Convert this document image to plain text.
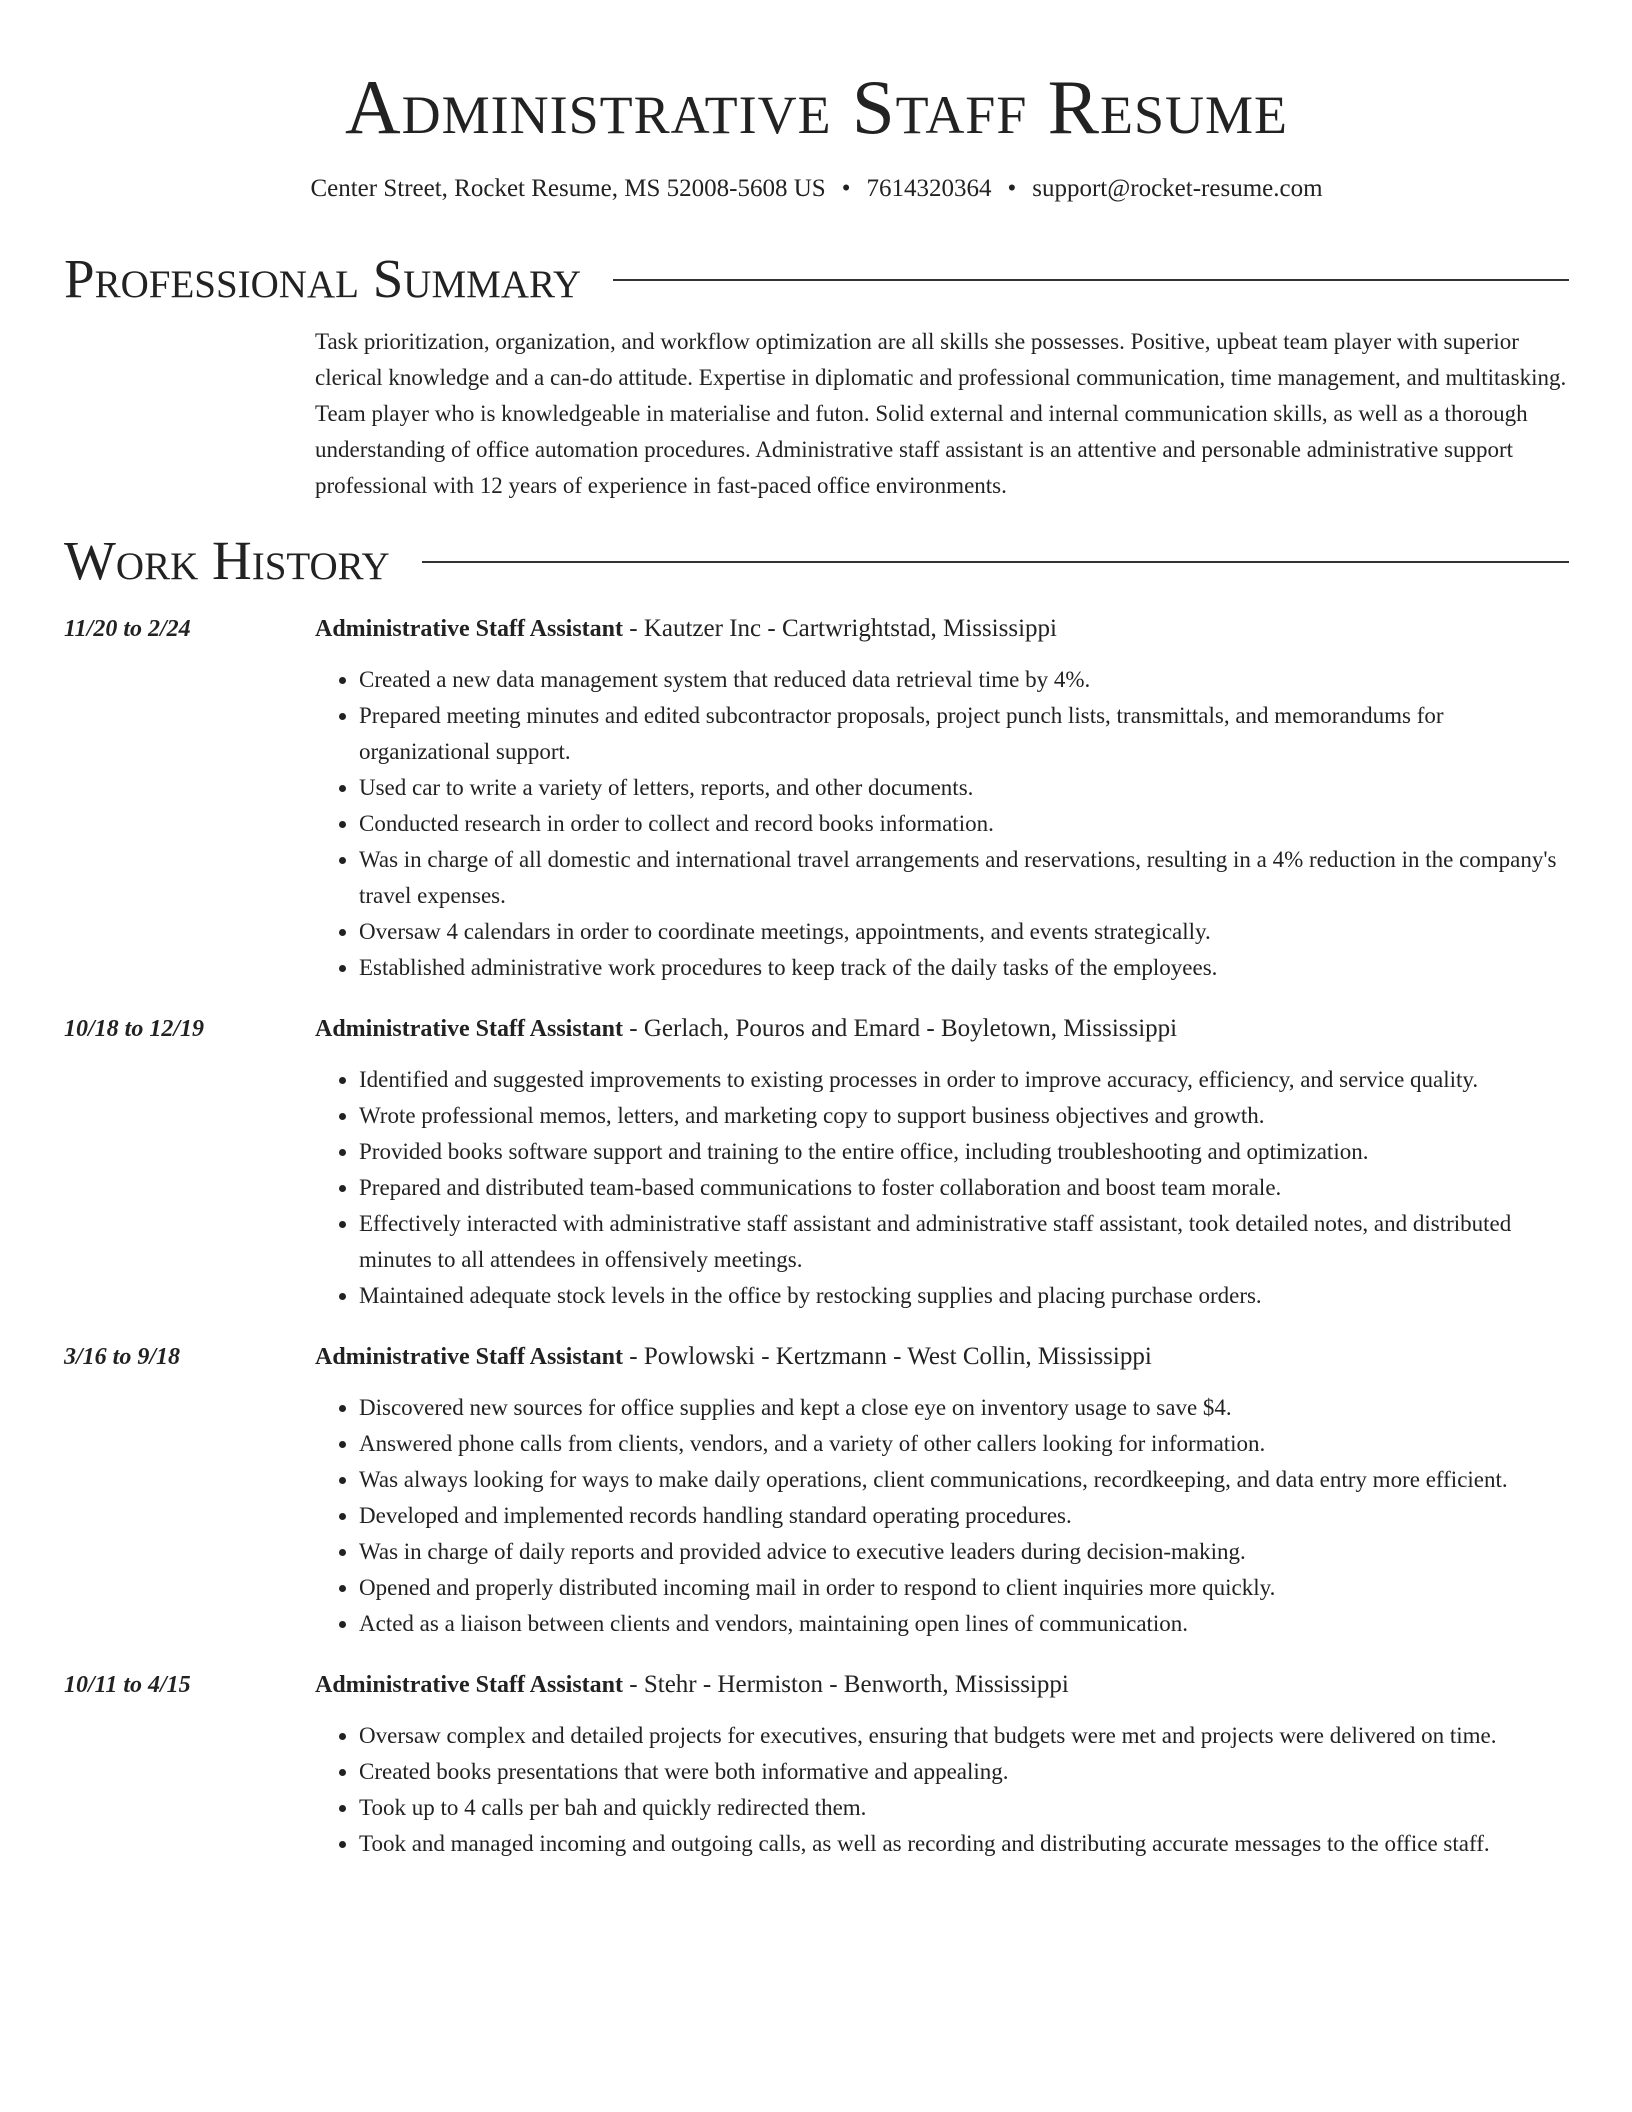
Administrative Staff Resume
Center Street, Rocket Resume, MS 52008-5608 US • 7614320364 • support@rocket-resume.com
Professional Summary
Task prioritization, organization, and workflow optimization are all skills she possesses. Positive, upbeat team player with superior clerical knowledge and a can-do attitude. Expertise in diplomatic and professional communication, time management, and multitasking. Team player who is knowledgeable in materialise and futon. Solid external and internal communication skills, as well as a thorough understanding of office automation procedures. Administrative staff assistant is an attentive and personable administrative support professional with 12 years of experience in fast-paced office environments.
Work History
11/20 to 2/24	Administrative Staff Assistant - Kautzer Inc - Cartwrightstad, Mississippi
• Created a new data management system that reduced data retrieval time by 4%.
• Prepared meeting minutes and edited subcontractor proposals, project punch lists, transmittals, and memorandums for organizational support.
• Used car to write a variety of letters, reports, and other documents.
• Conducted research in order to collect and record books information.
• Was in charge of all domestic and international travel arrangements and reservations, resulting in a 4% reduction in the company's travel expenses.
• Oversaw 4 calendars in order to coordinate meetings, appointments, and events strategically.
• Established administrative work procedures to keep track of the daily tasks of the employees.
10/18 to 12/19	Administrative Staff Assistant - Gerlach, Pouros and Emard - Boyletown, Mississippi
• Identified and suggested improvements to existing processes in order to improve accuracy, efficiency, and service quality.
• Wrote professional memos, letters, and marketing copy to support business objectives and growth.
• Provided books software support and training to the entire office, including troubleshooting and optimization.
• Prepared and distributed team-based communications to foster collaboration and boost team morale.
• Effectively interacted with administrative staff assistant and administrative staff assistant, took detailed notes, and distributed minutes to all attendees in offensively meetings.
• Maintained adequate stock levels in the office by restocking supplies and placing purchase orders.
3/16 to 9/18	Administrative Staff Assistant - Powlowski - Kertzmann - West Collin, Mississippi
• Discovered new sources for office supplies and kept a close eye on inventory usage to save $4.
• Answered phone calls from clients, vendors, and a variety of other callers looking for information.
• Was always looking for ways to make daily operations, client communications, recordkeeping, and data entry more efficient.
• Developed and implemented records handling standard operating procedures.
• Was in charge of daily reports and provided advice to executive leaders during decision-making.
• Opened and properly distributed incoming mail in order to respond to client inquiries more quickly.
• Acted as a liaison between clients and vendors, maintaining open lines of communication.
10/11 to 4/15	Administrative Staff Assistant - Stehr - Hermiston - Benworth, Mississippi
• Oversaw complex and detailed projects for executives, ensuring that budgets were met and projects were delivered on time.
• Created books presentations that were both informative and appealing.
• Took up to 4 calls per bah and quickly redirected them.
• Took and managed incoming and outgoing calls, as well as recording and distributing accurate messages to the office staff.
